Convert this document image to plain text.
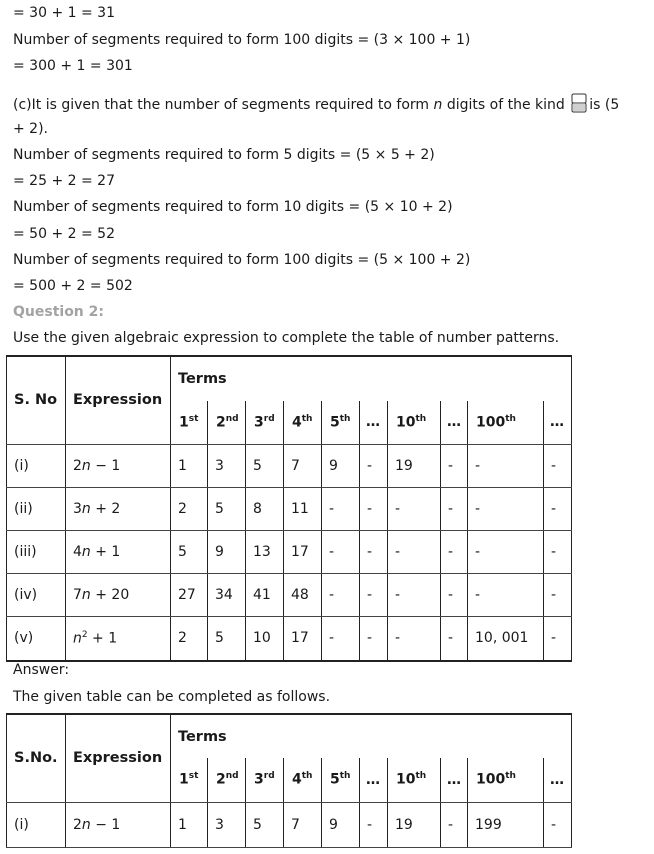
= 30 + 1 = 31
Number of segments required to form 100 digits = (3 × 100 + 1)
= 300 + 1 = 301
(c)It is given that the number of segments required to form n digits of the kind is (5
+ 2).
Number of segments required to form 5 digits = (5 × 5 + 2)
= 25 + 2 = 27
Number of segments required to form 10 digits = (5 × 10 + 2)
= 50 + 2 = 52
Number of segments required to form 100 digits = (5 × 100 + 2)
= 500 + 2 = 502
Question 2:
Use the given algebraic expression to complete the table of number patterns.
S. No	Expression	Terms									
		1st	2nd	3rd	4th	5th	…	10th	…	100th	…
(i)	2n − 1	1	3	5	7	9	-	19	-	-	-
(ii)	3n + 2	2	5	8	11	-	-	-	-	-	-
(iii)	4n + 1	5	9	13	17	-	-	-	-	-	-
(iv)	7n + 20	27	34	41	48	-	-	-	-	-	-
(v)	$n^2 + 1$	2	5	10	17	-	-	-	-	10, 001	-
Answer:
The given table can be completed as follows.
S.No.	Expression	Terms									
		1st	2nd	3rd	4th	5th	…	10th	…	100th	…
(i)	2n − 1	1	3	5	7	9	-	19	-	199	-
